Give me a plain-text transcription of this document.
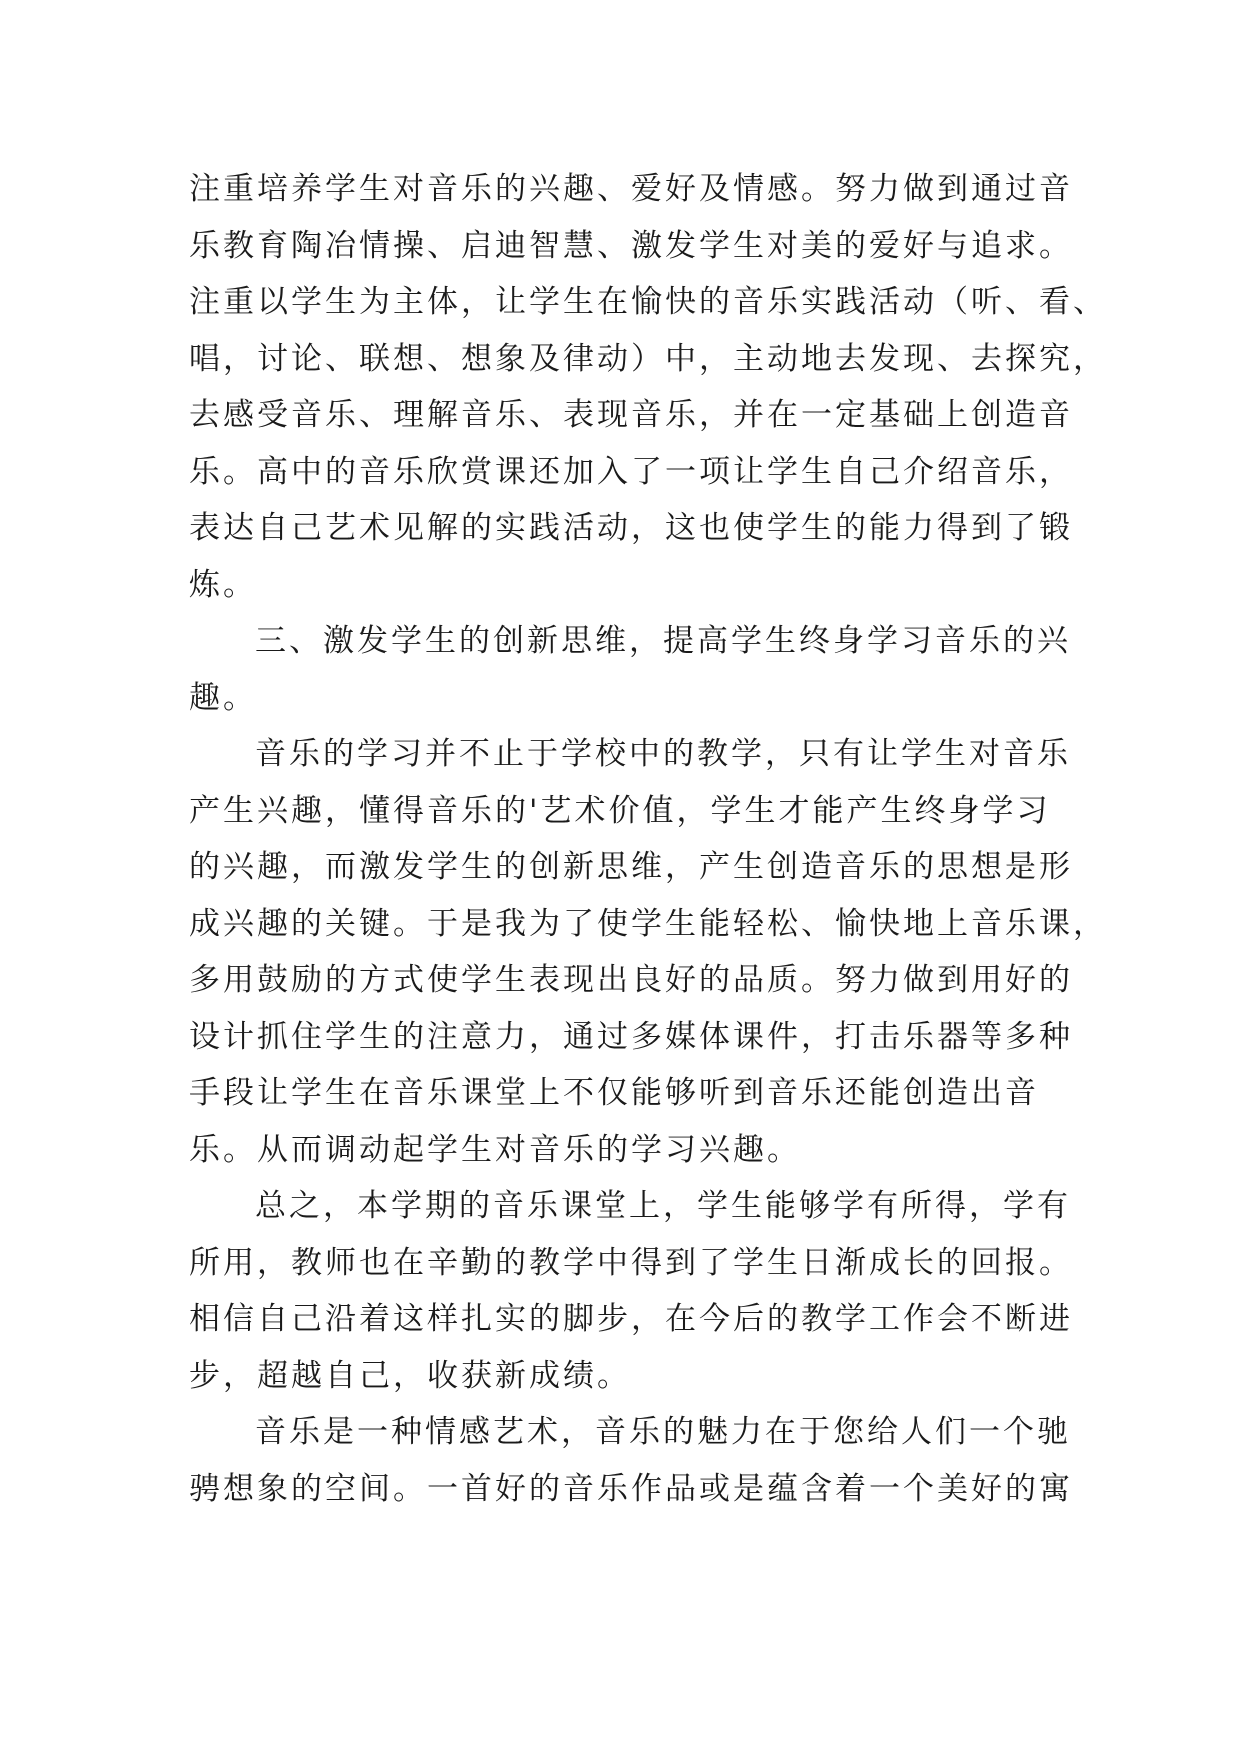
注重培养学生对音乐的兴趣、爱好及情感。努力做到通过音
乐教育陶冶情操、启迪智慧、激发学生对美的爱好与追求。
注重以学生为主体，让学生在愉快的音乐实践活动（听、看、
唱，讨论、联想、想象及律动）中，主动地去发现、去探究，
去感受音乐、理解音乐、表现音乐，并在一定基础上创造音
乐。高中的音乐欣赏课还加入了一项让学生自己介绍音乐，
表达自己艺术见解的实践活动，这也使学生的能力得到了锻
炼。
三、激发学生的创新思维，提高学生终身学习音乐的兴
趣。
音乐的学习并不止于学校中的教学，只有让学生对音乐
产生兴趣，懂得音乐的'艺术价值，学生才能产生终身学习
的兴趣，而激发学生的创新思维，产生创造音乐的思想是形
成兴趣的关键。于是我为了使学生能轻松、愉快地上音乐课，
多用鼓励的方式使学生表现出良好的品质。努力做到用好的
设计抓住学生的注意力，通过多媒体课件，打击乐器等多种
手段让学生在音乐课堂上不仅能够听到音乐还能创造出音
乐。从而调动起学生对音乐的学习兴趣。
总之，本学期的音乐课堂上，学生能够学有所得，学有
所用，教师也在辛勤的教学中得到了学生日渐成长的回报。
相信自己沿着这样扎实的脚步，在今后的教学工作会不断进
步，超越自己，收获新成绩。
音乐是一种情感艺术，音乐的魅力在于您给人们一个驰
骋想象的空间。一首好的音乐作品或是蕴含着一个美好的寓
